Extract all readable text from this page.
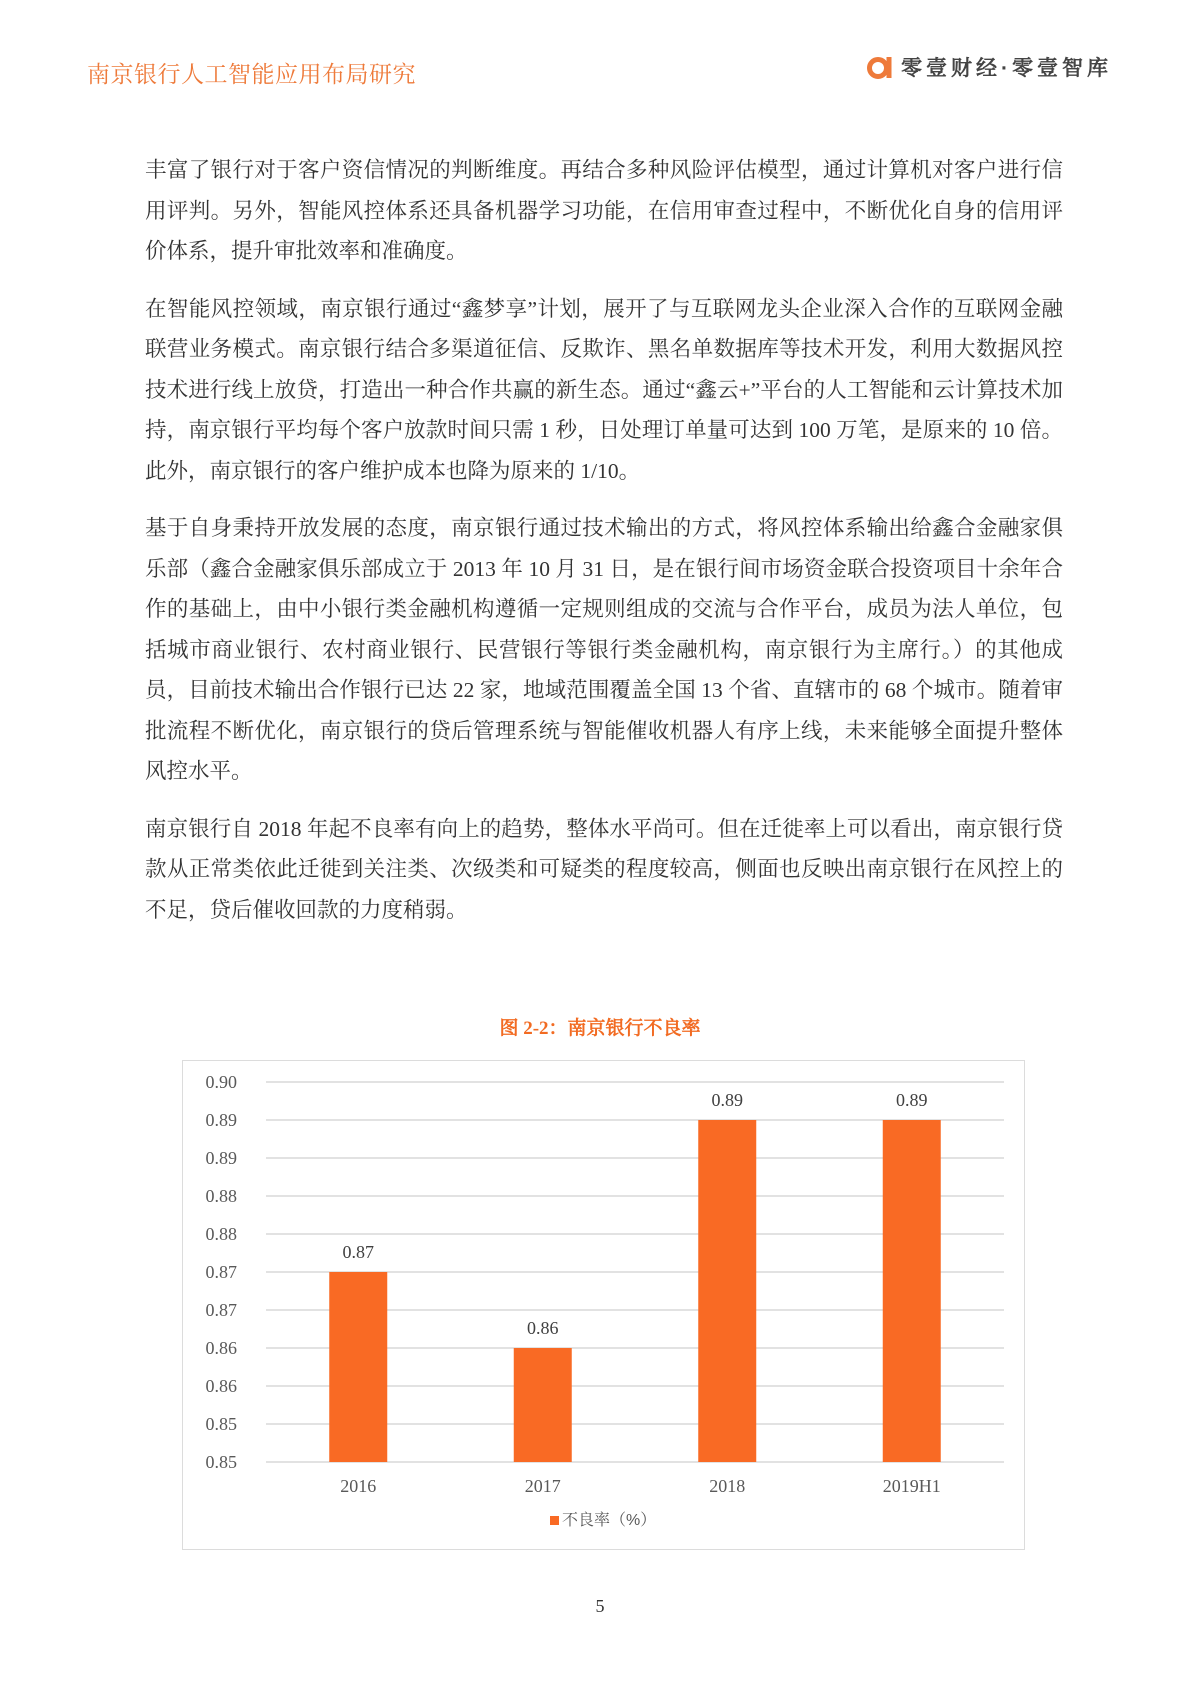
南京银行人工智能应用布局研究	零壹财经·零壹智库

丰富了银行对于客户资信情况的判断维度。再结合多种风险评估模型，通过计算机对客户进行信用评判。另外，智能风控体系还具备机器学习功能，在信用审查过程中，不断优化自身的信用评价体系，提升审批效率和准确度。

在智能风控领域，南京银行通过“鑫梦享”计划，展开了与互联网龙头企业深入合作的互联网金融联营业务模式。南京银行结合多渠道征信、反欺诈、黑名单数据库等技术开发，利用大数据风控技术进行线上放贷，打造出一种合作共赢的新生态。通过“鑫云+”平台的人工智能和云计算技术加持，南京银行平均每个客户放款时间只需 1 秒，日处理订单量可达到 100 万笔，是原来的 10 倍。此外，南京银行的客户维护成本也降为原来的 1/10。

基于自身秉持开放发展的态度，南京银行通过技术输出的方式，将风控体系输出给鑫合金融家俱乐部（鑫合金融家俱乐部成立于 2013 年 10 月 31 日，是在银行间市场资金联合投资项目十余年合作的基础上，由中小银行类金融机构遵循一定规则组成的交流与合作平台，成员为法人单位，包括城市商业银行、农村商业银行、民营银行等银行类金融机构，南京银行为主席行。）的其他成员，目前技术输出合作银行已达 22 家，地域范围覆盖全国 13 个省、直辖市的 68 个城市。随着审批流程不断优化，南京银行的贷后管理系统与智能催收机器人有序上线，未来能够全面提升整体风控水平。

南京银行自 2018 年起不良率有向上的趋势，整体水平尚可。但在迁徙率上可以看出，南京银行贷款从正常类依此迁徙到关注类、次级类和可疑类的程度较高，侧面也反映出南京银行在风控上的不足，贷后催收回款的力度稍弱。

图 2-2：南京银行不良率
0.85
0.85
0.86
0.86
0.87
0.87
0.88
0.88
0.89
0.89
0.90
0.87
2016
0.86
2017
0.89
2018
0.89
2019H1
不良率（%）
5
